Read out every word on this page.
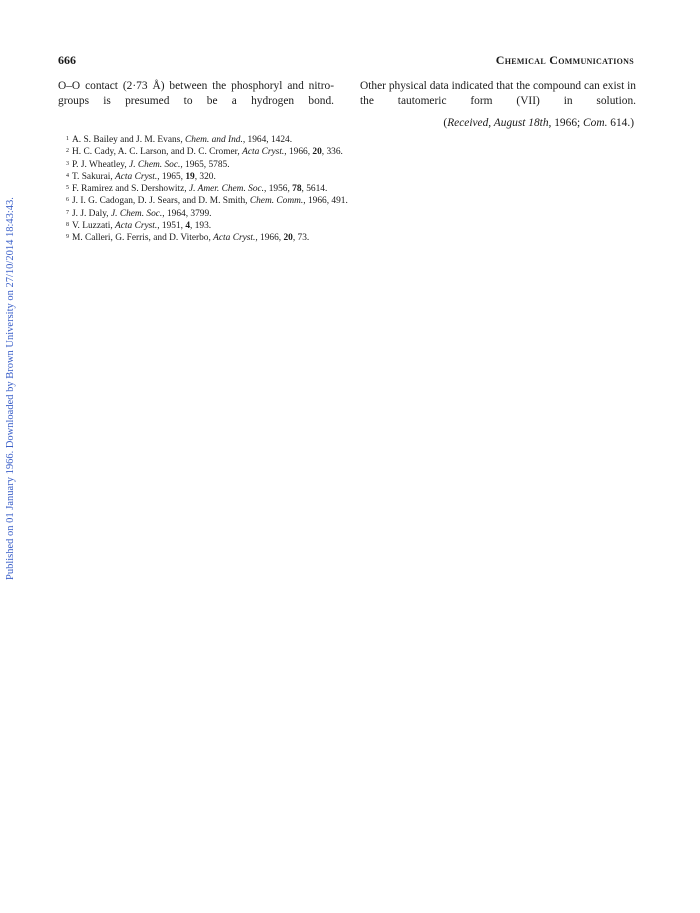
Published on 01 January 1966. Downloaded by Brown University on 27/10/2014 18:43:43.
666	Chemical Communications
O–O contact (2·73 Å) between the phosphoryl and nitro-groups is presumed to be a hydrogen bond.
Other physical data indicated that the compound can exist in the tautomeric form (VII) in solution.
(Received, August 18th, 1966; Com. 614.)
$^1$ A. S. Bailey and J. M. Evans, Chem. and Ind., 1964, 1424.
$^2$ H. C. Cady, A. C. Larson, and D. C. Cromer, Acta Cryst., 1966, 20, 336.
$^3$ P. J. Wheatley, J. Chem. Soc., 1965, 5785.
$^4$ T. Sakurai, Acta Cryst., 1965, 19, 320.
$^5$ F. Ramirez and S. Dershowitz, J. Amer. Chem. Soc., 1956, 78, 5614.
$^6$ J. I. G. Cadogan, D. J. Sears, and D. M. Smith, Chem. Comm., 1966, 491.
$^7$ J. J. Daly, J. Chem. Soc., 1964, 3799.
$^8$ V. Luzzati, Acta Cryst., 1951, 4, 193.
$^9$ M. Calleri, G. Ferris, and D. Viterbo, Acta Cryst., 1966, 20, 73.
